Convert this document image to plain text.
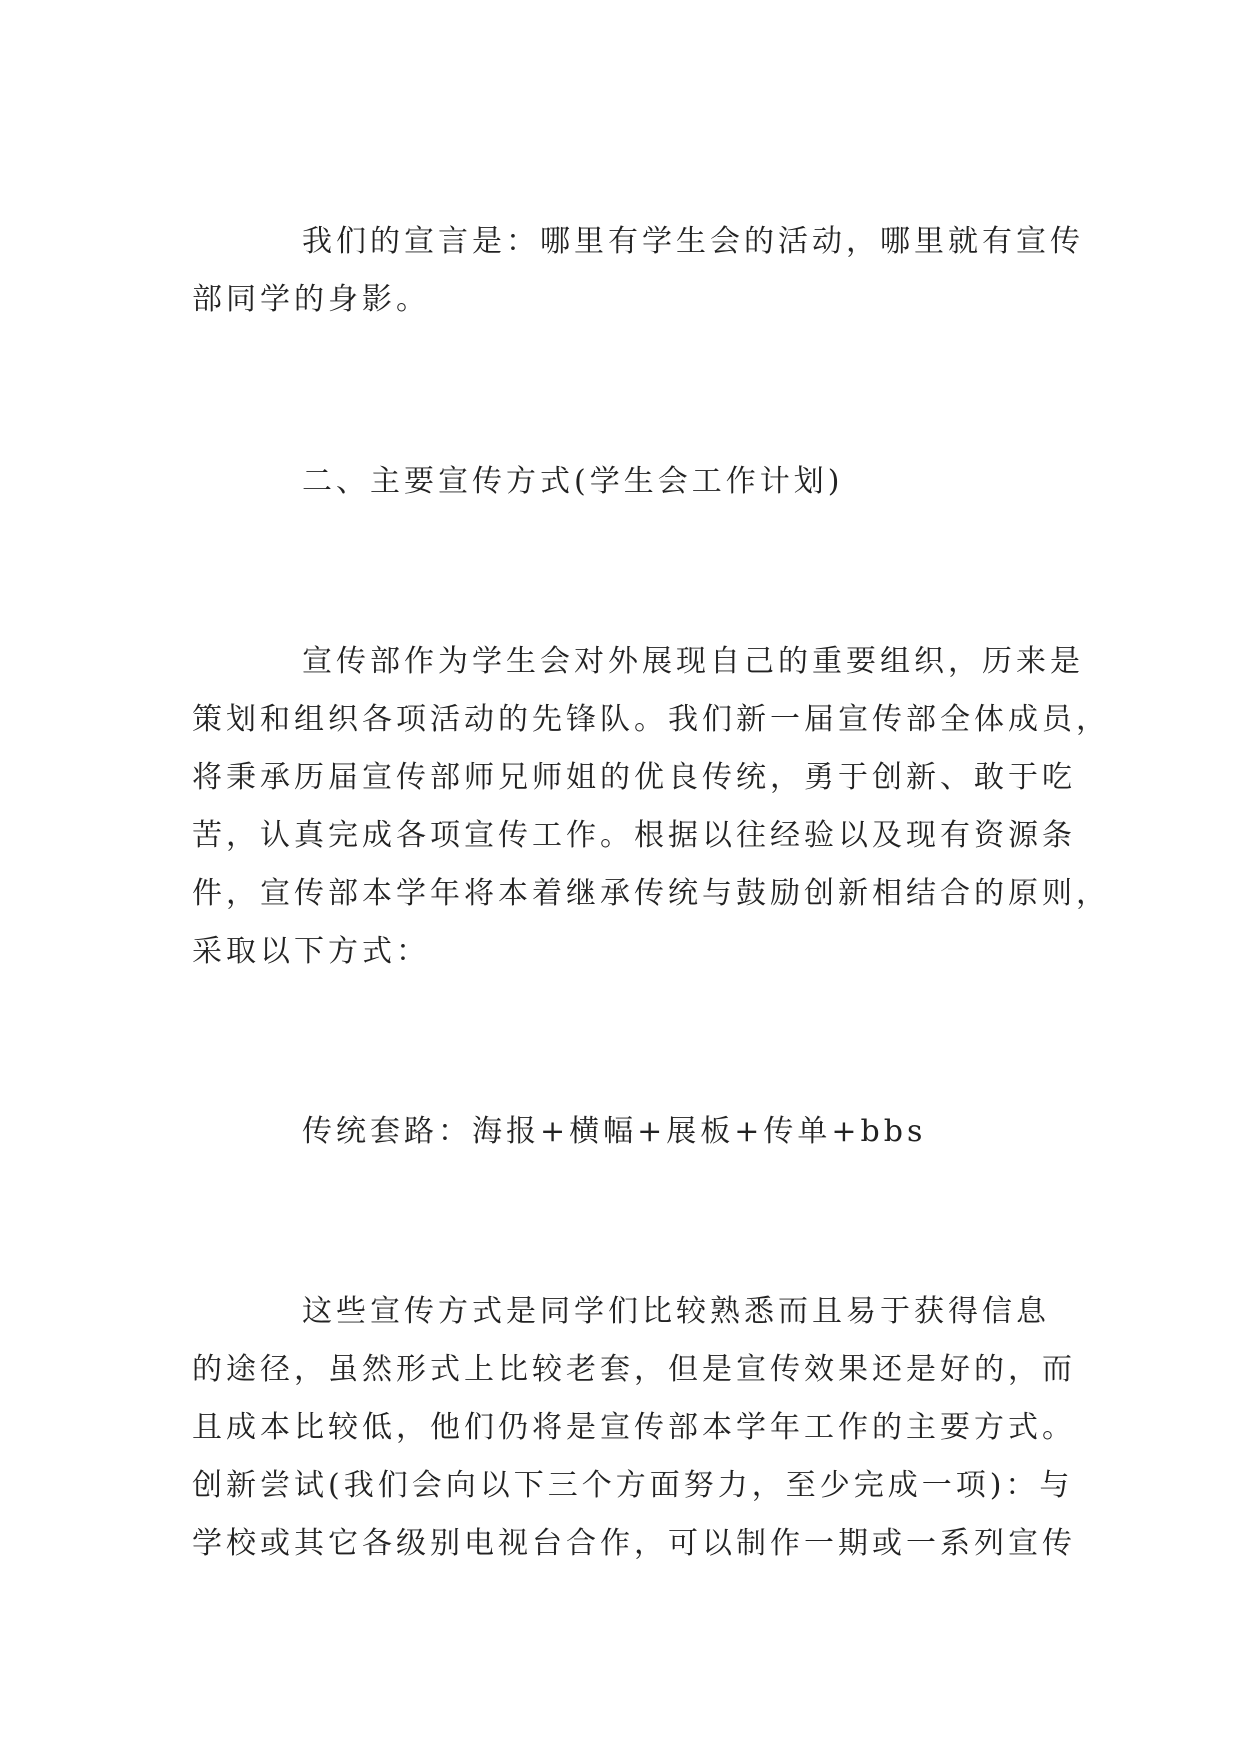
我们的宣言是：哪里有学生会的活动，哪里就有宣传
部同学的身影。
二、主要宣传方式(学生会工作计划)
宣传部作为学生会对外展现自己的重要组织，历来是
策划和组织各项活动的先锋队。我们新一届宣传部全体成员，
将秉承历届宣传部师兄师姐的优良传统，勇于创新、敢于吃
苦，认真完成各项宣传工作。根据以往经验以及现有资源条
件，宣传部本学年将本着继承传统与鼓励创新相结合的原则，
采取以下方式：
传统套路：海报+横幅+展板+传单+bbs
这些宣传方式是同学们比较熟悉而且易于获得信息
的途径，虽然形式上比较老套，但是宣传效果还是好的，而
且成本比较低，他们仍将是宣传部本学年工作的主要方式。
创新尝试(我们会向以下三个方面努力，至少完成一项)：与
学校或其它各级别电视台合作，可以制作一期或一系列宣传
